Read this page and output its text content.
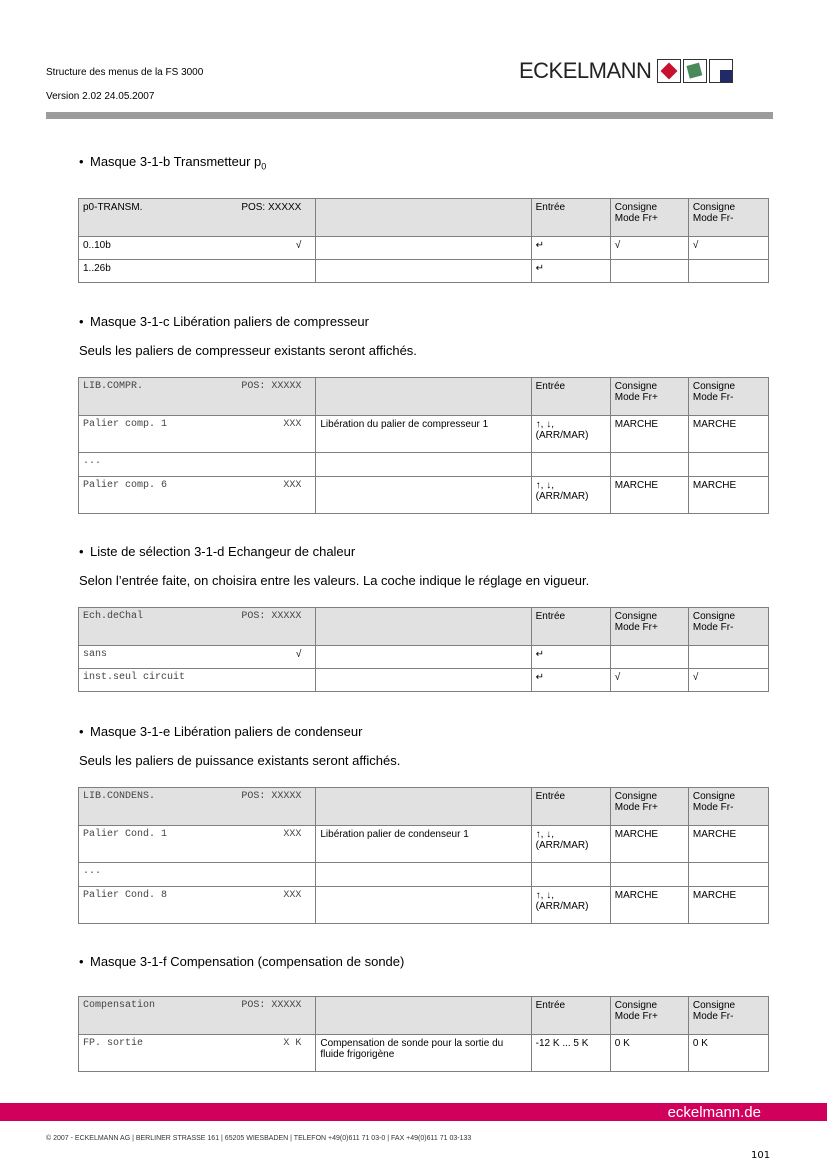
Structure des menus de la FS 3000
Version 2.02 24.05.2007
ECKELMANN
• Masque 3-1-b Transmetteur $p_0$
p0-TRANSM. POS: XXXXX		Entrée	Consigne
Mode Fr+	Consigne
Mode Fr-

0..10b √		↵	√	√

1..26b		↵		
• Masque 3-1-c Libération paliers de compresseur
Seuls les paliers de compresseur existants seront affichés.
LIB.COMPR. POS: XXXXX		Entrée	Consigne
Mode Fr+	Consigne
Mode Fr-

Palier comp. 1 XXX	Libération du palier de compresseur 1	↑, ↓,
(ARR/MAR)	MARCHE	MARCHE

...				

Palier comp. 6 XXX		↑, ↓,
(ARR/MAR)	MARCHE	MARCHE
• Liste de sélection 3-1-d Echangeur de chaleur
Selon l’entrée faite, on choisira entre les valeurs. La coche indique le réglage en vigueur.
Ech.deChal POS: XXXXX		Entrée	Consigne
Mode Fr+	Consigne
Mode Fr-

sans √		↵		

inst.seul circuit		↵	√	√
• Masque 3-1-e Libération paliers de condenseur
Seuls les paliers de puissance existants seront affichés.
LIB.CONDENS. POS: XXXXX		Entrée	Consigne
Mode Fr+	Consigne
Mode Fr-

Palier Cond. 1 XXX	Libération palier de condenseur 1	↑, ↓,
(ARR/MAR)	MARCHE	MARCHE

...				

Palier Cond. 8 XXX		↑, ↓,
(ARR/MAR)	MARCHE	MARCHE
• Masque 3-1-f Compensation (compensation de sonde)
Compensation POS: XXXXX		Entrée	Consigne
Mode Fr+	Consigne
Mode Fr-

FP. sortie X K	Compensation de sonde pour la sortie du fluide frigorigène	-12 K ... 5 K	0 K	0 K
eckelmann.de
© 2007 - ECKELMANN AG | BERLINER STRASSE 161 | 65205 WIESBADEN | TELEFON +49(0)611 71 03-0 | FAX +49(0)611 71 03-133
101
